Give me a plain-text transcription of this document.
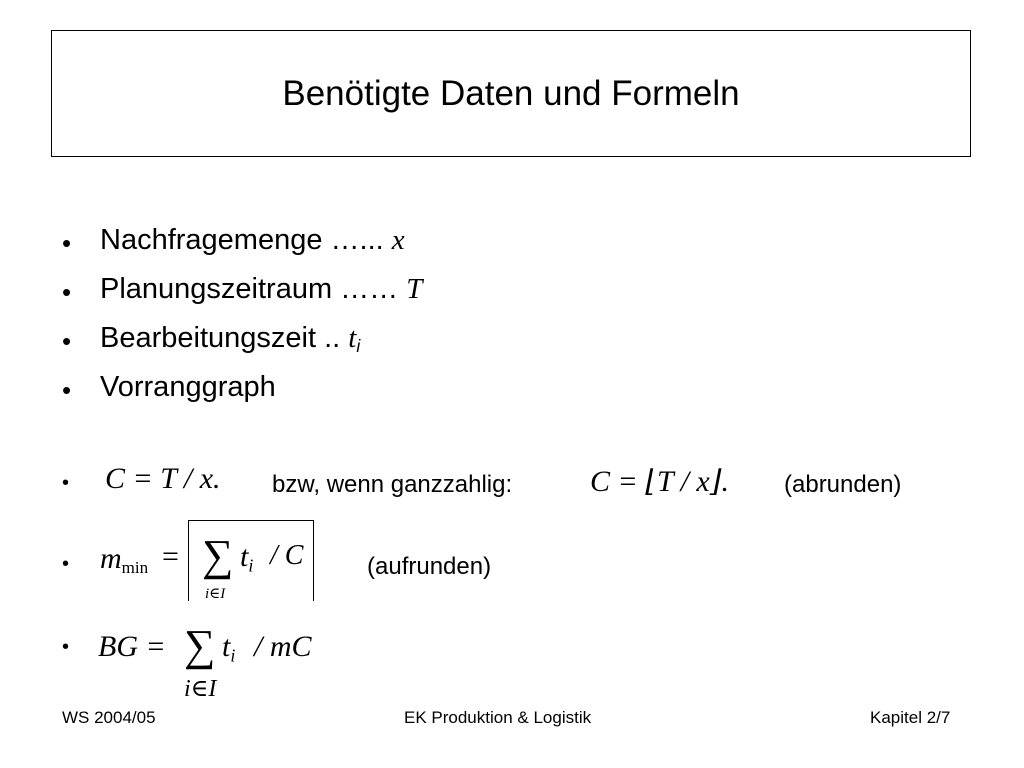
Benötigte Daten und Formeln
• Nachfragemenge …... x
• Planungszeitraum …… T
• Bearbeitungszeit .. $t_i$
• Vorranggraph
• C = T / x. bzw, wenn ganzzahlig:	C = ⌊T / x⌋. (abrunden)
• mmin = ∑ $t_i$ / C
i∈I
(aufrunden)
• BG = ∑ $t_i$ / mC
i∈I
WS 2004/05	EK Produktion & Logistik	Kapitel 2/7
